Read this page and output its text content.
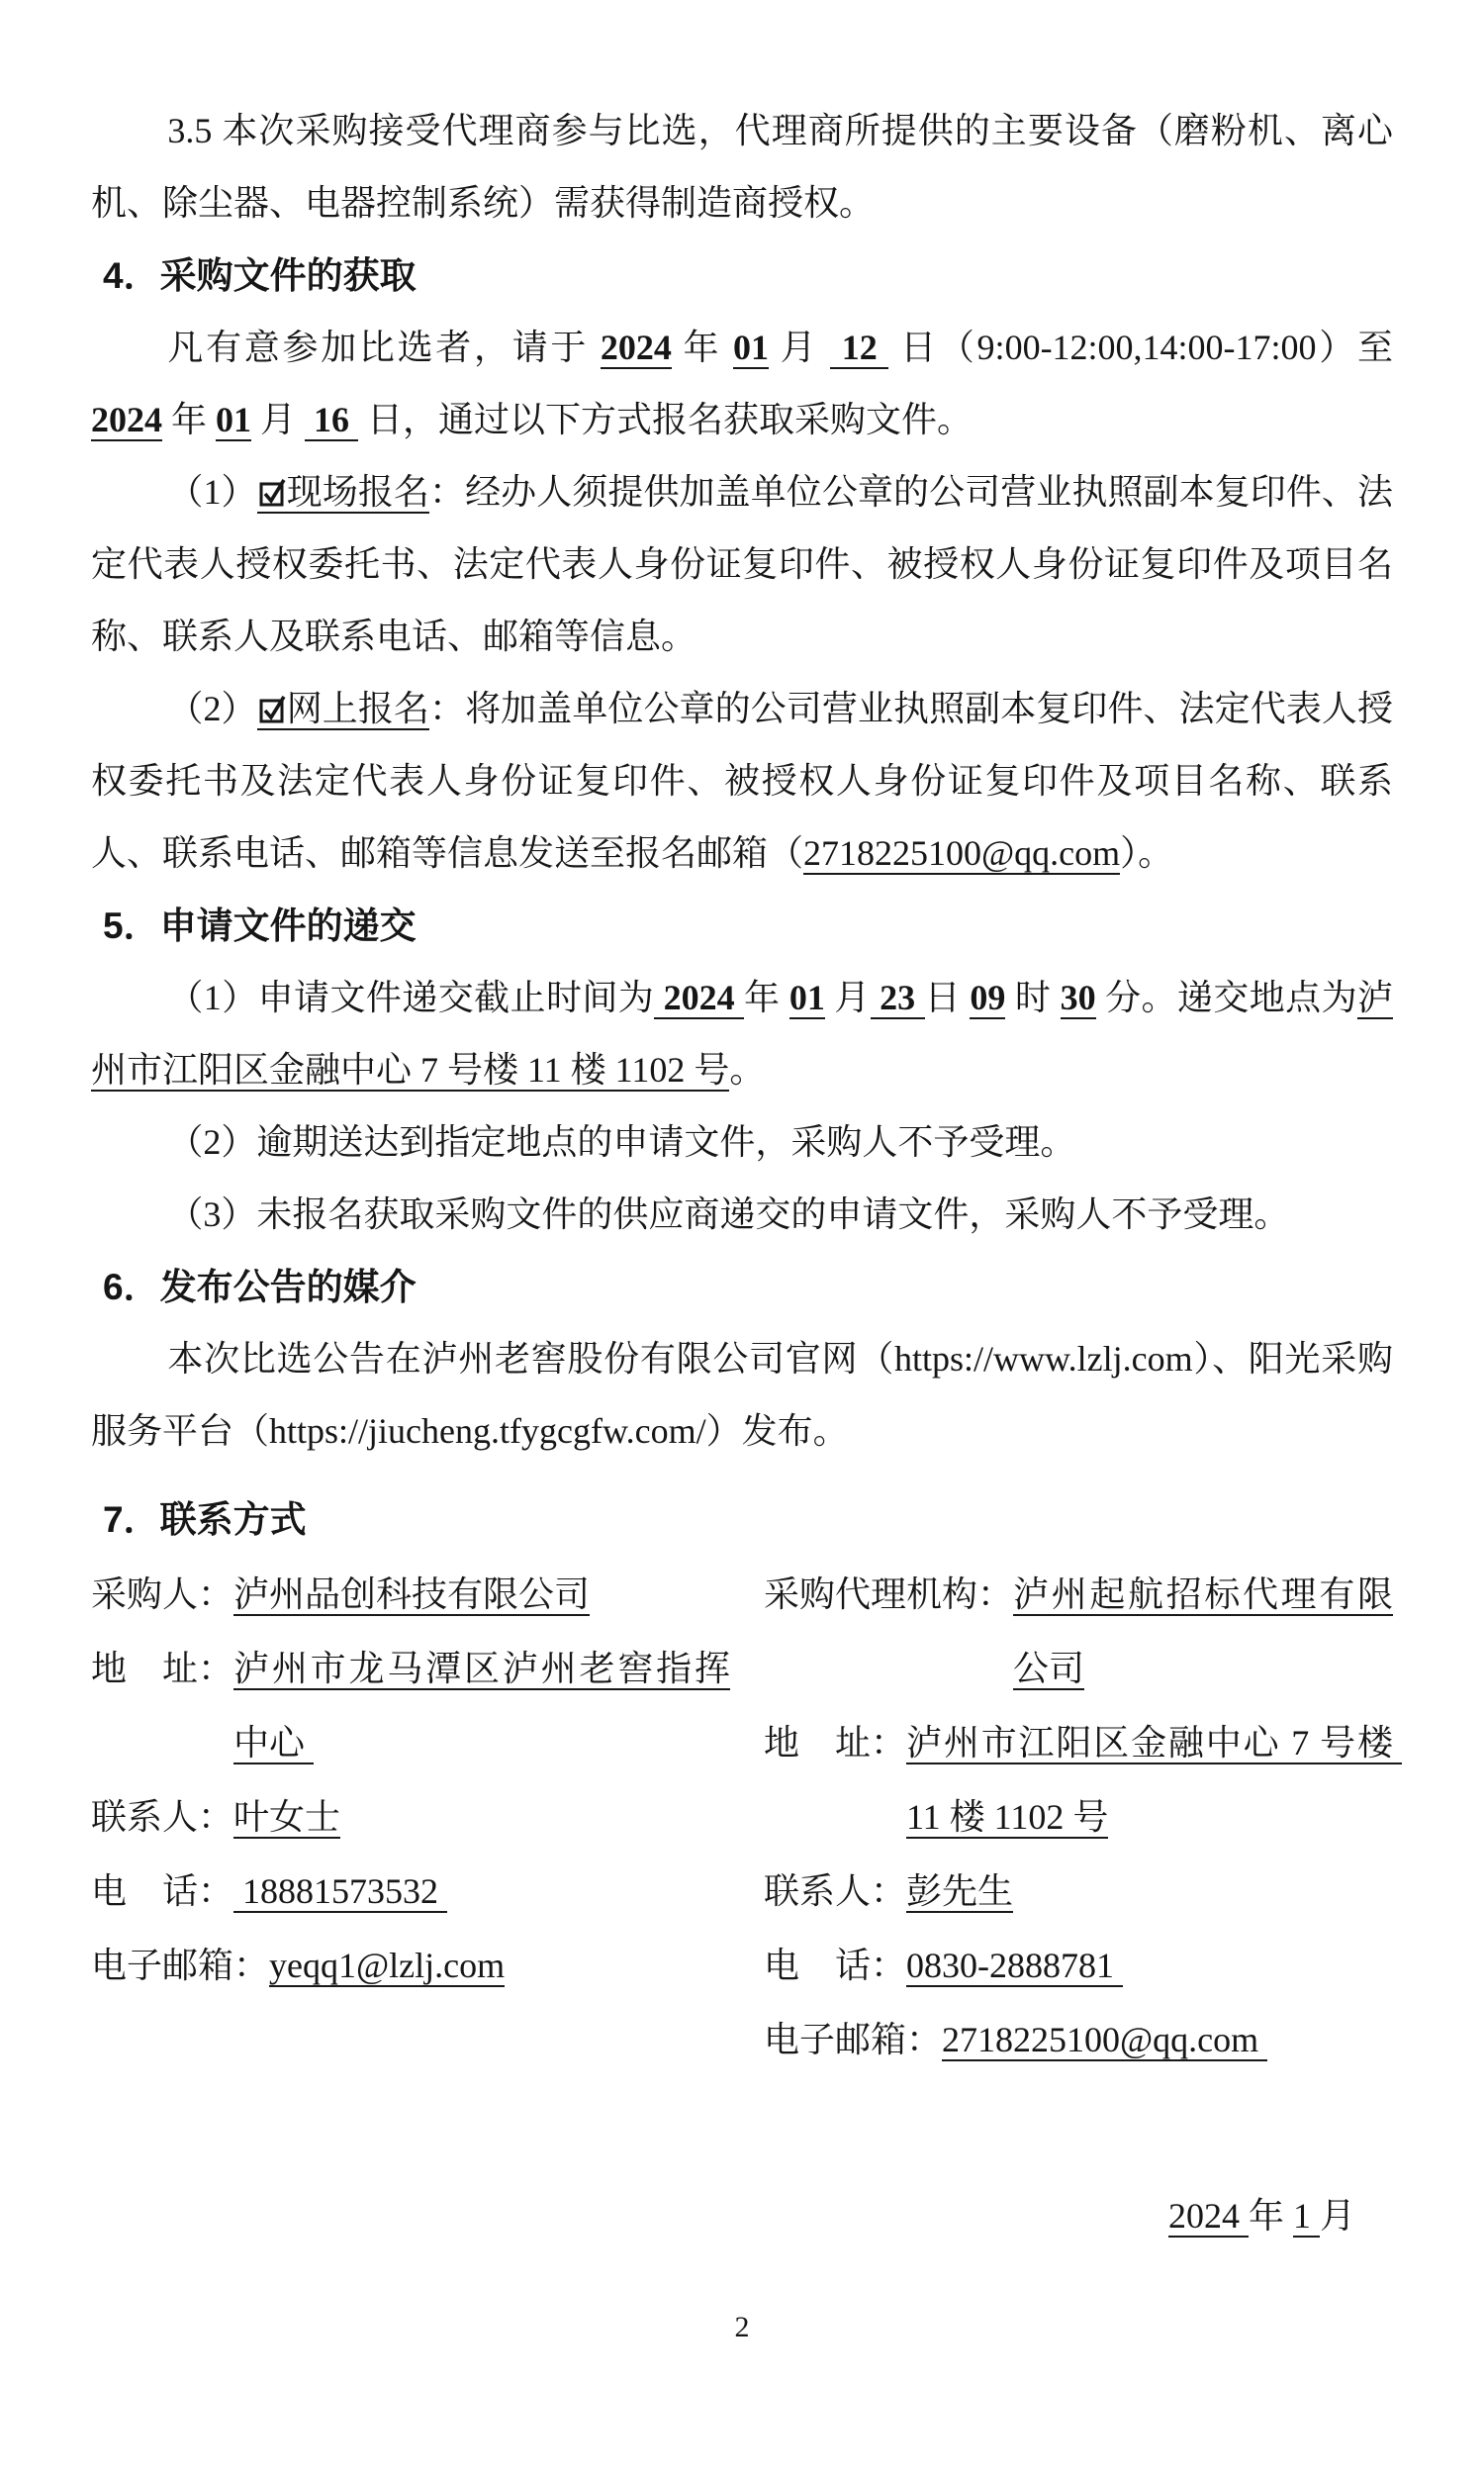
3.5 本次采购接受代理商参与比选，代理商所提供的主要设备（磨粉机、离心机、除尘器、电器控制系统）需获得制造商授权。
4．采购文件的获取
凡有意参加比选者，请于 2024 年 01 月  12  日（9:00-12:00,14:00-17:00）至 2024 年 01 月  16  日，通过以下方式报名获取采购文件。
（1） 现场报名：经办人须提供加盖单位公章的公司营业执照副本复印件、法定代表人授权委托书、法定代表人身份证复印件、被授权人身份证复印件及项目名称、联系人及联系电话、邮箱等信息。
（2） 网上报名：将加盖单位公章的公司营业执照副本复印件、法定代表人授权委托书及法定代表人身份证复印件、被授权人身份证复印件及项目名称、联系人、联系电话、邮箱等信息发送至报名邮箱（2718225100@qq.com）。
5．申请文件的递交
（1）申请文件递交截止时间为 2024 年 01 月 23 日 09 时 30 分。递交地点为泸州市江阳区金融中心 7 号楼 11 楼 1102 号。
（2）逾期送达到指定地点的申请文件，采购人不予受理。
（3）未报名获取采购文件的供应商递交的申请文件，采购人不予受理。
6．发布公告的媒介
本次比选公告在泸州老窖股份有限公司官网（https://www.lzlj.com）、阳光采购服务平台（https://jiucheng.tfygcgfw.com/）发布。
7．联系方式
采购人： 泸州品创科技有限公司
地　址： 泸州市龙马潭区泸州老窖指挥中心
联系人： 叶女士
电　话： 18881573532
电子邮箱： yeqq1@lzlj.com
采购代理机构： 泸州起航招标代理有限公司
地　址： 泸州市江阳区金融中心 7 号楼 11 楼 1102 号
联系人： 彭先生
电　话： 0830-2888781
电子邮箱： 2718225100@qq.com
2024 年 1 月
2
